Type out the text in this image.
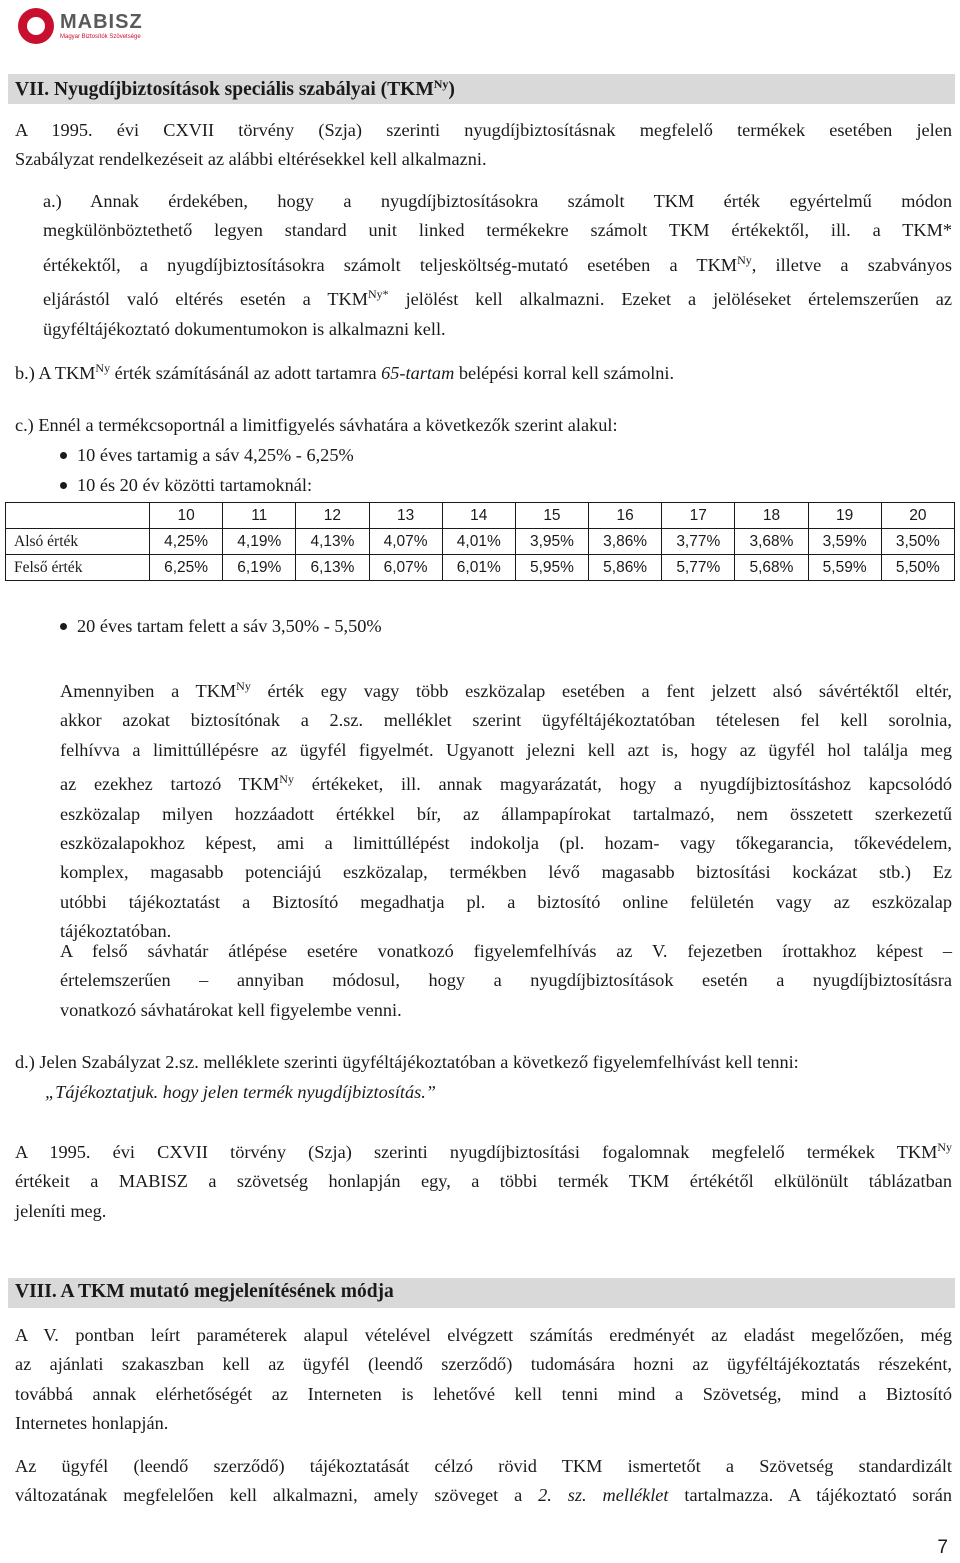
MABISZ
Magyar Biztosítók Szövetsége
VII. Nyugdíjbiztosítások speciális szabályai $(TKM^{Ny})$
A 1995. évi CXVII törvény (Szja) szerinti nyugdíjbiztosításnak megfelelő termékek esetében jelen
Szabályzat rendelkezéseit az alábbi eltérésekkel kell alkalmazni.
a.) Annak érdekében, hogy a nyugdíjbiztosításokra számolt TKM érték egyértelmű módon
megkülönböztethető legyen standard unit linked termékekre számolt TKM értékektől, ill. a TKM*
értékektől, a nyugdíjbiztosításokra számolt teljesköltség-mutató esetében a $TKM^{Ny}$, illetve a szabványos
eljárástól való eltérés esetén a $TKM^{Ny*}$ jelölést kell alkalmazni. Ezeket a jelöléseket értelemszerűen az
ügyféltájékoztató dokumentumokon is alkalmazni kell.
b.) A $TKM^{Ny}$ érték számításánál az adott tartamra 65-tartam belépési korral kell számolni.
c.) Ennél a termékcsoportnál a limitfigyelés sávhatára a következők szerint alakul:
10 éves tartamig a sáv 4,25% - 6,25%
10 és 20 év közötti tartamoknál:
	10	11	12	13	14	15	16	17	18	19	20
Alsó érték	4,25%	4,19%	4,13%	4,07%	4,01%	3,95%	3,86%	3,77%	3,68%	3,59%	3,50%
Felső érték	6,25%	6,19%	6,13%	6,07%	6,01%	5,95%	5,86%	5,77%	5,68%	5,59%	5,50%
20 éves tartam felett a sáv 3,50% - 5,50%
Amennyiben a $TKM^{Ny}$ érték egy vagy több eszközalap esetében a fent jelzett alsó sávértéktől eltér,
akkor azokat biztosítónak a 2.sz. melléklet szerint ügyféltájékoztatóban tételesen fel kell sorolnia,
felhívva a limittúllépésre az ügyfél figyelmét. Ugyanott jelezni kell azt is, hogy az ügyfél hol találja meg
az ezekhez tartozó $TKM^{Ny}$ értékeket, ill. annak magyarázatát, hogy a nyugdíjbiztosításhoz kapcsolódó
eszközalap milyen hozzáadott értékkel bír, az állampapírokat tartalmazó, nem összetett szerkezetű
eszközalapokhoz képest, ami a limittúllépést indokolja (pl. hozam- vagy tőkegarancia, tőkevédelem,
komplex, magasabb potenciájú eszközalap, termékben lévő magasabb biztosítási kockázat stb.) Ez
utóbbi tájékoztatást a Biztosító megadhatja pl. a biztosító online felületén vagy az eszközalap
tájékoztatóban.
A felső sávhatár átlépése esetére vonatkozó figyelemfelhívás az V. fejezetben írottakhoz képest –
értelemszerűen – annyiban módosul, hogy a nyugdíjbiztosítások esetén a nyugdíjbiztosításra
vonatkozó sávhatárokat kell figyelembe venni.
d.) Jelen Szabályzat 2.sz. melléklete szerinti ügyféltájékoztatóban a következő figyelemfelhívást kell tenni:
„Tájékoztatjuk. hogy jelen termék nyugdíjbiztosítás.”
A 1995. évi CXVII törvény (Szja) szerinti nyugdíjbiztosítási fogalomnak megfelelő termékek $TKM^{Ny}$
értékeit a MABISZ a szövetség honlapján egy, a többi termék TKM értékétől elkülönült táblázatban
jeleníti meg.
VIII. A TKM mutató megjelenítésének módja
A V. pontban leírt paraméterek alapul vételével elvégzett számítás eredményét az eladást megelőzően, még
az ajánlati szakaszban kell az ügyfél (leendő szerződő) tudomására hozni az ügyféltájékoztatás részeként,
továbbá annak elérhetőségét az Interneten is lehetővé kell tenni mind a Szövetség, mind a Biztosító
Internetes honlapján.
Az ügyfél (leendő szerződő) tájékoztatását célzó rövid TKM ismertetőt a Szövetség standardizált
változatának megfelelően kell alkalmazni, amely szöveget a 2. sz. melléklet tartalmazza. A tájékoztató során
7
